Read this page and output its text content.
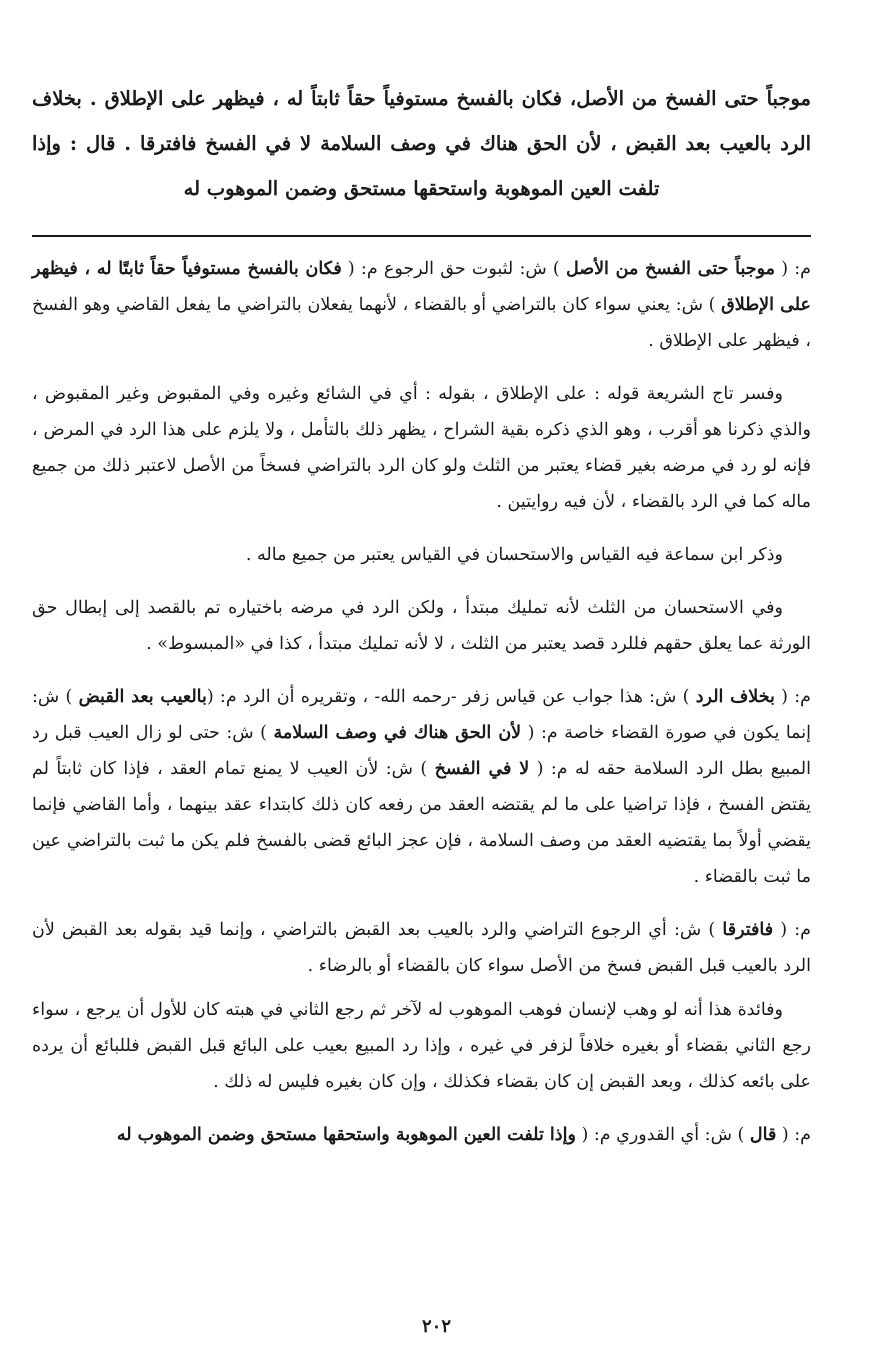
موجباً حتى الفسخ من الأصل، فكان بالفسخ مستوفياً حقاً ثابتاً له ، فيظهر على الإطلاق . بخلاف الرد بالعيب بعد القبض ، لأن الحق هناك في وصف السلامة لا في الفسخ فافترقا . قال : وإذا تلفت العين الموهوبة واستحقها مستحق وضمن الموهوب له

م: ( موجباً حتى الفسخ من الأصل ) ش: لثبوت حق الرجوع م: ( فكان بالفسخ مستوفياً حقاً ثابتًا له ، فيظهر على الإطلاق ) ش: يعني سواء كان بالتراضي أو بالقضاء ، لأنهما يفعلان بالتراضي ما يفعل القاضي وهو الفسخ ، فيظهر على الإطلاق .

وفسر تاج الشريعة قوله : على الإطلاق ، بقوله : أي في الشائع وغيره وفي المقبوض وغير المقبوض ، والذي ذكرنا هو أقرب ، وهو الذي ذكره بقية الشراح ، يظهر ذلك بالتأمل ، ولا يلزم على هذا الرد في المرض ، فإنه لو رد في مرضه بغير قضاء يعتبر من الثلث ولو كان الرد بالتراضي فسخاً من الأصل لاعتبر ذلك من جميع ماله كما في الرد بالقضاء ، لأن فيه روايتين .

وذكر ابن سماعة فيه القياس والاستحسان في القياس يعتبر من جميع ماله .

وفي الاستحسان من الثلث لأنه تمليك مبتدأ ، ولكن الرد في مرضه باختياره تم بالقصد إلى إبطال حق الورثة عما يعلق حقهم فللرد قصد يعتبر من الثلث ، لا لأنه تمليك مبتدأ ، كذا في «المبسوط» .

م: ( بخلاف الرد ) ش: هذا جواب عن قياس زفر -رحمه الله- ، وتقريره أن الرد م: (بالعيب بعد القبض ) ش: إنما يكون في صورة القضاء خاصة م: ( لأن الحق هناك في وصف السلامة ) ش: حتى لو زال العيب قبل رد المبيع بطل الرد السلامة حقه له م: ( لا في الفسخ ) ش: لأن العيب لا يمنع تمام العقد ، فإذا كان ثابتاً لم يقتض الفسخ ، فإذا تراضيا على ما لم يقتضه العقد من رفعه كان ذلك كابتداء عقد بينهما ، وأما القاضي فإنما يقضي أولاً بما يقتضيه العقد من وصف السلامة ، فإن عجز البائع قضى بالفسخ فلم يكن ما ثبت بالتراضي عين ما ثبت بالقضاء .

م: ( فافترقا ) ش: أي الرجوع التراضي والرد بالعيب بعد القبض بالتراضي ، وإنما قيد بقوله بعد القبض لأن الرد بالعيب قبل القبض فسخ من الأصل سواء كان بالقضاء أو بالرضاء .

وفائدة هذا أنه لو وهب لإنسان فوهب الموهوب له لآخر ثم رجع الثاني في هبته كان للأول أن يرجع ، سواء رجع الثاني بقضاء أو بغيره خلافاً لزفر في غيره ، وإذا رد المبيع بعيب على البائع قبل القبض فللبائع أن يرده على بائعه كذلك ، وبعد القبض إن كان بقضاء فكذلك ، وإن كان بغيره فليس له ذلك .

م: ( قال ) ش: أي القدوري م: ( وإذا تلفت العين الموهوبة واستحقها مستحق وضمن الموهوب له

٢٠٢
